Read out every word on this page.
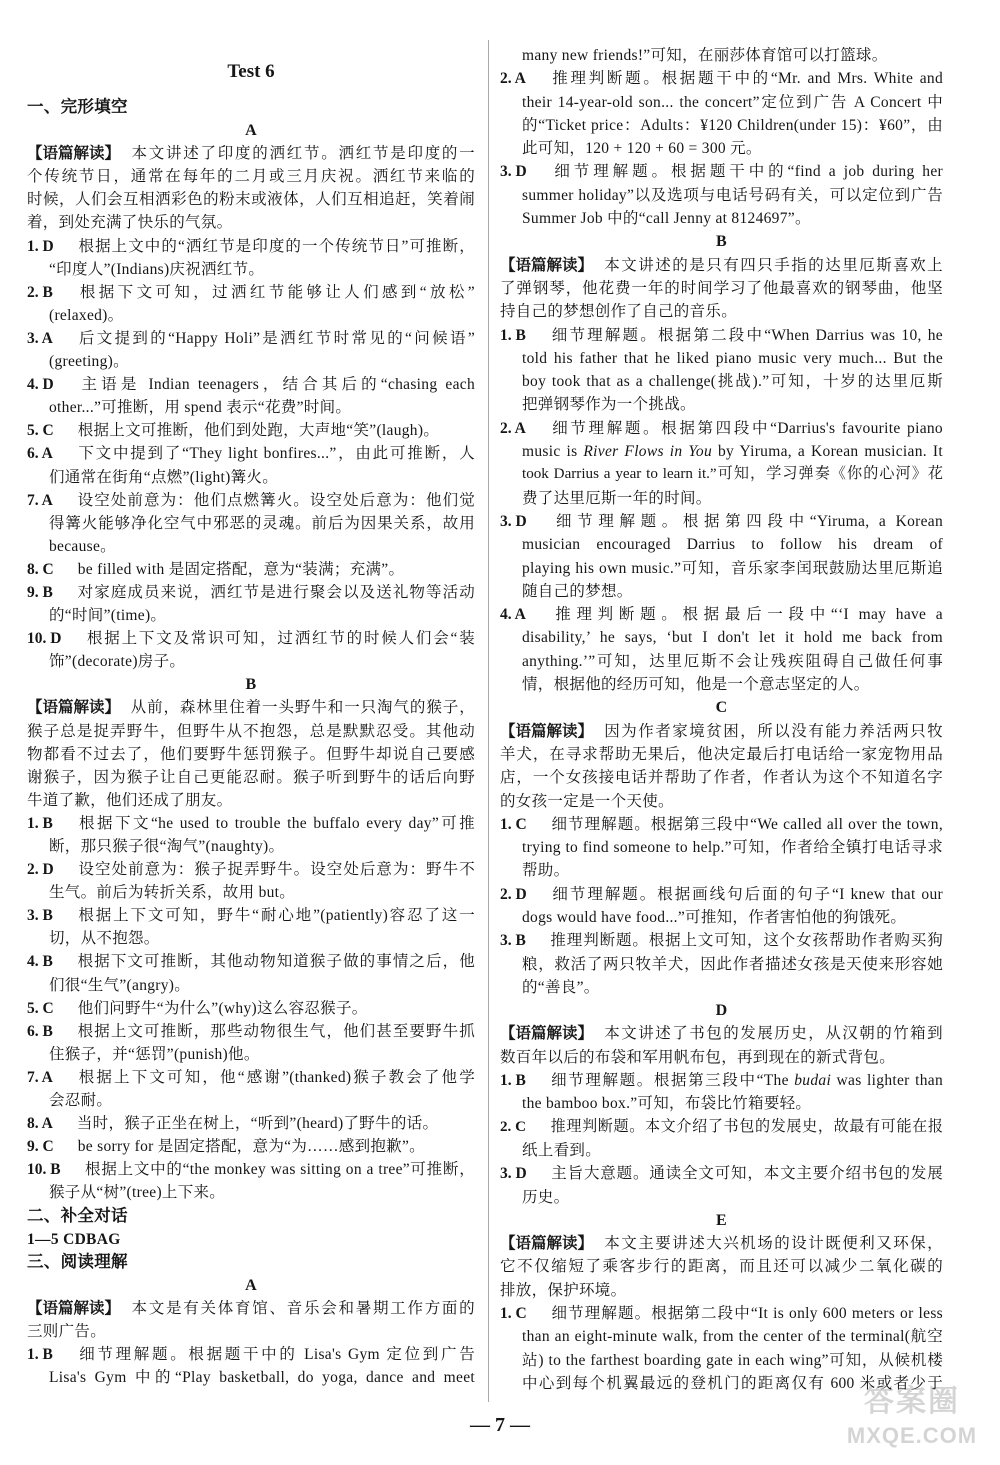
Test 6
一、完形填空
A
【语篇解读】 本文讲述了印度的洒红节。洒红节是印度的一
个传统节日，通常在每年的二月或三月庆祝。洒红节来临的
时候，人们会互相洒彩色的粉末或液体，人们互相追赶，笑着闹
着，到处充满了快乐的气氛。
1. D 根据上文中的“洒红节是印度的一个传统节日”可推断，
“印度人”(Indians)庆祝洒红节。
2. B 根据下文可知，过洒红节能够让人们感到“放松”
(relaxed)。
3. A 后文提到的“Happy Holi”是洒红节时常见的“问候语”
(greeting)。
4. D 主语是 Indian teenagers，结合其后的“chasing each
other...”可推断，用 spend 表示“花费”时间。
5. C 根据上文可推断，他们到处跑，大声地“笑”(laugh)。
6. A 下文中提到了“They light bonfires...”，由此可推断，人
们通常在街角“点燃”(light)篝火。
7. A 设空处前意为：他们点燃篝火。设空处后意为：他们觉
得篝火能够净化空气中邪恶的灵魂。前后为因果关系，故用
because。
8. C be filled with 是固定搭配，意为“装满；充满”。
9. B 对家庭成员来说，洒红节是进行聚会以及送礼物等活动
的“时间”(time)。
10. D 根据上下文及常识可知，过洒红节的时候人们会“装
饰”(decorate)房子。
B
【语篇解读】 从前，森林里住着一头野牛和一只淘气的猴子，
猴子总是捉弄野牛，但野牛从不抱怨，总是默默忍受。其他动
物都看不过去了，他们要野牛惩罚猴子。但野牛却说自己要感
谢猴子，因为猴子让自己更能忍耐。猴子听到野牛的话后向野
牛道了歉，他们还成了朋友。
1. B 根据下文“he used to trouble the buffalo every day”可推
断，那只猴子很“淘气”(naughty)。
2. D 设空处前意为：猴子捉弄野牛。设空处后意为：野牛不
生气。前后为转折关系，故用 but。
3. B 根据上下文可知，野牛“耐心地”(patiently)容忍了这一
切，从不抱怨。
4. B 根据下文可推断，其他动物知道猴子做的事情之后，他
们很“生气”(angry)。
5. C 他们问野牛“为什么”(why)这么容忍猴子。
6. B 根据上文可推断，那些动物很生气，他们甚至要野牛抓
住猴子，并“惩罚”(punish)他。
7. A 根据上下文可知，他“感谢”(thanked)猴子教会了他学
会忍耐。
8. A 当时，猴子正坐在树上，“听到”(heard)了野牛的话。
9. C be sorry for 是固定搭配，意为“为……感到抱歉”。
10. B 根据上文中的“the monkey was sitting on a tree”可推断，
猴子从“树”(tree)上下来。
二、补全对话
1—5 CDBAG
三、阅读理解
A
【语篇解读】 本文是有关体育馆、音乐会和暑期工作方面的
三则广告。
1. B 细节理解题。根据题干中的 Lisa's Gym 定位到广告
Lisa's Gym 中的“Play basketball, do yoga, dance and meet
many new friends!”可知，在丽莎体育馆可以打篮球。
2. A 推理判断题。根据题干中的“Mr. and Mrs. White and
their 14-year-old son... the concert”定位到广告 A Concert 中
的“Ticket price：Adults：¥120 Children(under 15)：¥60”，由
此可知，120 + 120 + 60 = 300 元。
3. D 细节理解题。根据题干中的“find a job during her
summer holiday”以及选项与电话号码有关，可以定位到广告
Summer Job 中的“call Jenny at 8124697”。
B
【语篇解读】 本文讲述的是只有四只手指的达里厄斯喜欢上
了弹钢琴，他花费一年的时间学习了他最喜欢的钢琴曲，他坚
持自己的梦想创作了自己的音乐。
1. B 细节理解题。根据第二段中“When Darrius was 10, he
told his father that he liked piano music very much... But the
boy took that as a challenge(挑战).”可知，十岁的达里厄斯
把弹钢琴作为一个挑战。
2. A 细节理解题。根据第四段中“Darrius's favourite piano
music is River Flows in You by Yiruma, a Korean musician. It
took Darrius a year to learn it.”可知，学习弹奏《你的心河》花
费了达里厄斯一年的时间。
3. D 细节理解题。根据第四段中“Yiruma, a Korean
musician encouraged Darrius to follow his dream of
playing his own music.”可知，音乐家李闰珉鼓励达里厄斯追
随自己的梦想。
4. A 推理判断题。根据最后一段中“‘I may have a
disability,’ he says, ‘but I don't let it hold me back from
anything.’”可知，达里厄斯不会让残疾阻碍自己做任何事
情，根据他的经历可知，他是一个意志坚定的人。
C
【语篇解读】 因为作者家境贫困，所以没有能力养活两只牧
羊犬，在寻求帮助无果后，他决定最后打电话给一家宠物用品
店，一个女孩接电话并帮助了作者，作者认为这个不知道名字
的女孩一定是一个天使。
1. C 细节理解题。根据第三段中“We called all over the town,
trying to find someone to help.”可知，作者给全镇打电话寻求
帮助。
2. D 细节理解题。根据画线句后面的句子“I knew that our
dogs would have food...”可推知，作者害怕他的狗饿死。
3. B 推理判断题。根据上文可知，这个女孩帮助作者购买狗
粮，救活了两只牧羊犬，因此作者描述女孩是天使来形容她
的“善良”。
D
【语篇解读】 本文讲述了书包的发展历史，从汉朝的竹箱到
数百年以后的布袋和军用帆布包，再到现在的新式背包。
1. B 细节理解题。根据第三段中“The budai was lighter than
the bamboo box.”可知，布袋比竹箱要轻。
2. C 推理判断题。本文介绍了书包的发展史，故最有可能在报
纸上看到。
3. D 主旨大意题。通读全文可知，本文主要介绍书包的发展
历史。
E
【语篇解读】 本文主要讲述大兴机场的设计既便利又环保，
它不仅缩短了乘客步行的距离，而且还可以减少二氧化碳的
排放，保护环境。
1. C 细节理解题。根据第二段中“It is only 600 meters or less
than an eight-minute walk, from the center of the terminal(航空
站) to the farthest boarding gate in each wing”可知，从候机楼
中心到每个机翼最远的登机门的距离仅有 600 米或者少于
— 7 —
答案圈
MXQE.COM
